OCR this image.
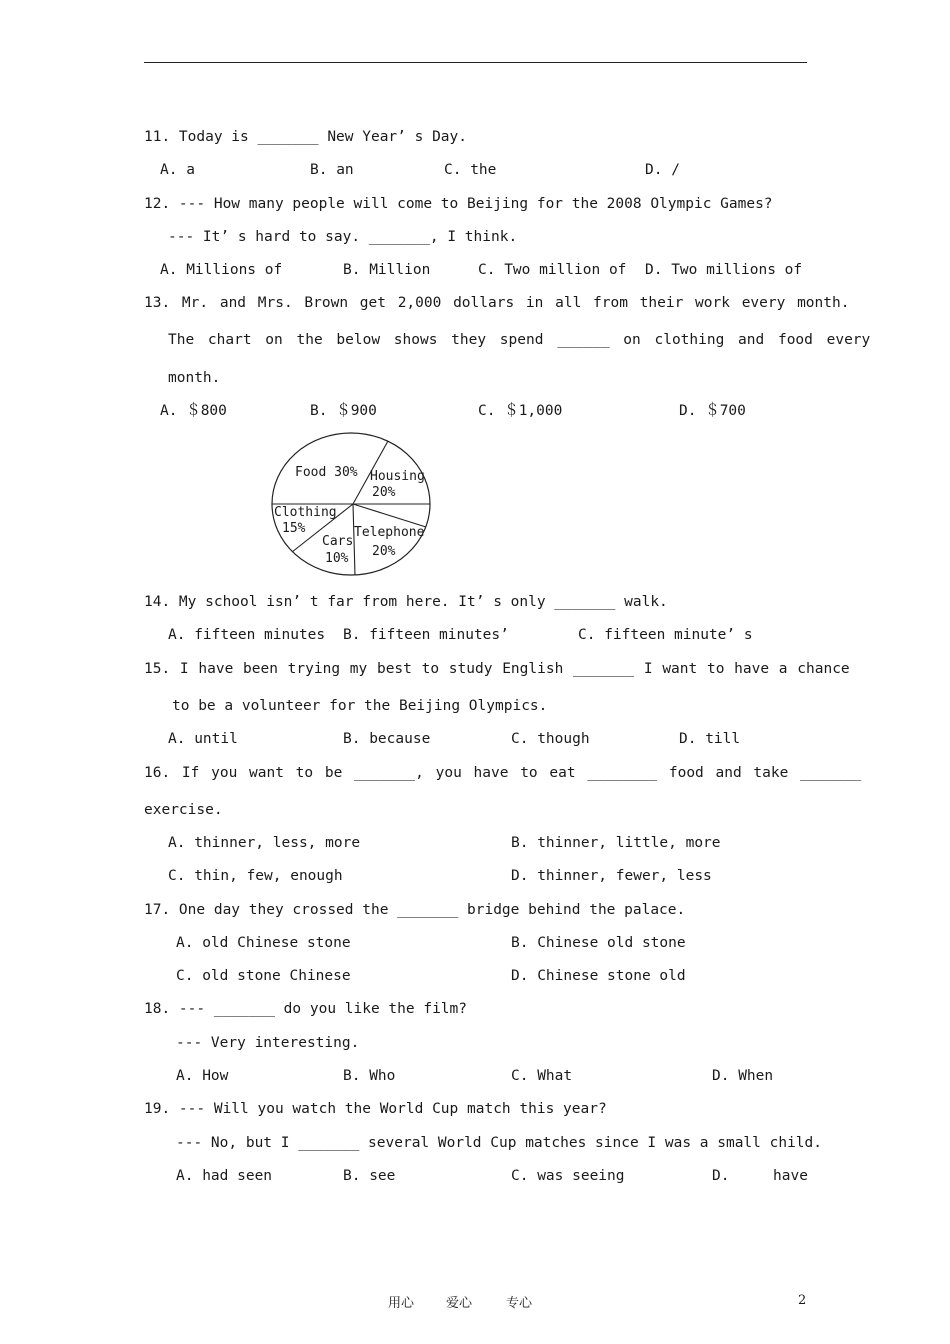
11. Today is _______ New Year’ s Day.
A. a	B. an	C. the	D. /
12. --- How many people will come to Beijing for the 2008 Olympic Games?
--- It’ s hard to say. _______, I think.
A. Millions of	B. Million	C. Two million of D. Two millions of
13. Mr. and Mrs. Brown get 2,000 dollars in all from their work every month.
The chart on the below shows they spend ______ on clothing and food every
month.
A. ＄800	B. ＄900	C. ＄1,000	D. ＄700
Food 30% Housing
20%
Clothing
15%	Telephone
20%
Cars
10%
14. My school isn’ t far from here. It’ s only _______ walk.
A. fifteen minutes B. fifteen minutes’	C. fifteen minute’ s
15. I have been trying my best to study English _______ I want to have a chance
to be a volunteer for the Beijing Olympics.
A. until	B. because	C. though	D. till
16. If you want to be _______, you have to eat ________ food and take _______
exercise.
A. thinner, less, more	B. thinner, little, more
C. thin, few, enough	D. thinner, fewer, less
17. One day they crossed the _______ bridge behind the palace.
A. old Chinese stone	B. Chinese old stone
C. old stone Chinese	D. Chinese stone old
18. --- _______ do you like the film?
--- Very interesting.
A. How	B. Who	C. What	D. When
19. --- Will you watch the World Cup match this year?
--- No, but I _______ several World Cup matches since I was a small child.
A. had seen	B. see	C. was seeing	D.	have
用心 爱心	专心	2
